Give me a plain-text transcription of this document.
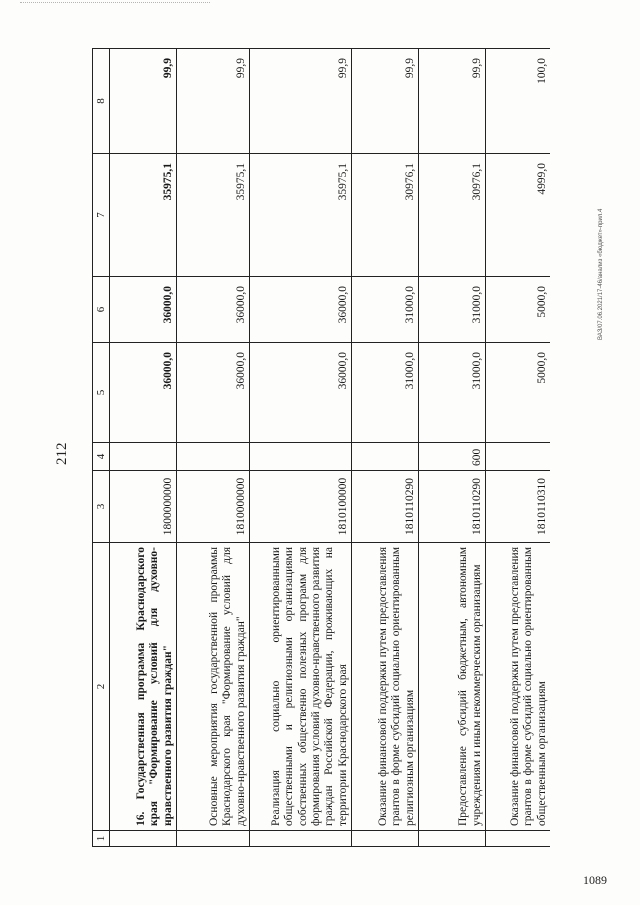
212
1	2	3	4	5	6	7	8
	16. Государственная программа Краснодарского края "Формирование условий для духовно-нравственного развития граждан"	1800000000		36000,0	36000,0	35975,1	99,9
	Основные мероприятия государственной программы Краснодарского края "Формирование условий для духовно-нравственного развития граждан"	1810000000		36000,0	36000,0	35975,1	99,9
	Реализация социально ориентированными общественными и религиозными организациями собственных общественно полезных программ для формирования условий духовно-нравственного развития граждан Российской Федерации, проживающих на территории Краснодарского края	1810100000		36000,0	36000,0	35975,1	99,9
	Оказание финансовой поддержки путем предоставления грантов в форме субсидий социально ориентированным религиозным организациям	1810110290		31000,0	31000,0	30976,1	99,9
	Предоставление субсидий бюджетным, автономным учреждениям и иным некоммерческим организациям	1810110290	600	31000,0	31000,0	30976,1	99,9
	Оказание финансовой поддержки путем предоставления грантов в форме субсидий социально ориентированным общественным организациям	1810110310		5000,0	5000,0	4999,0	100,0
ВАЗ/07.06.2021/17-46/анализ «бюджет»-прил.4
1089
